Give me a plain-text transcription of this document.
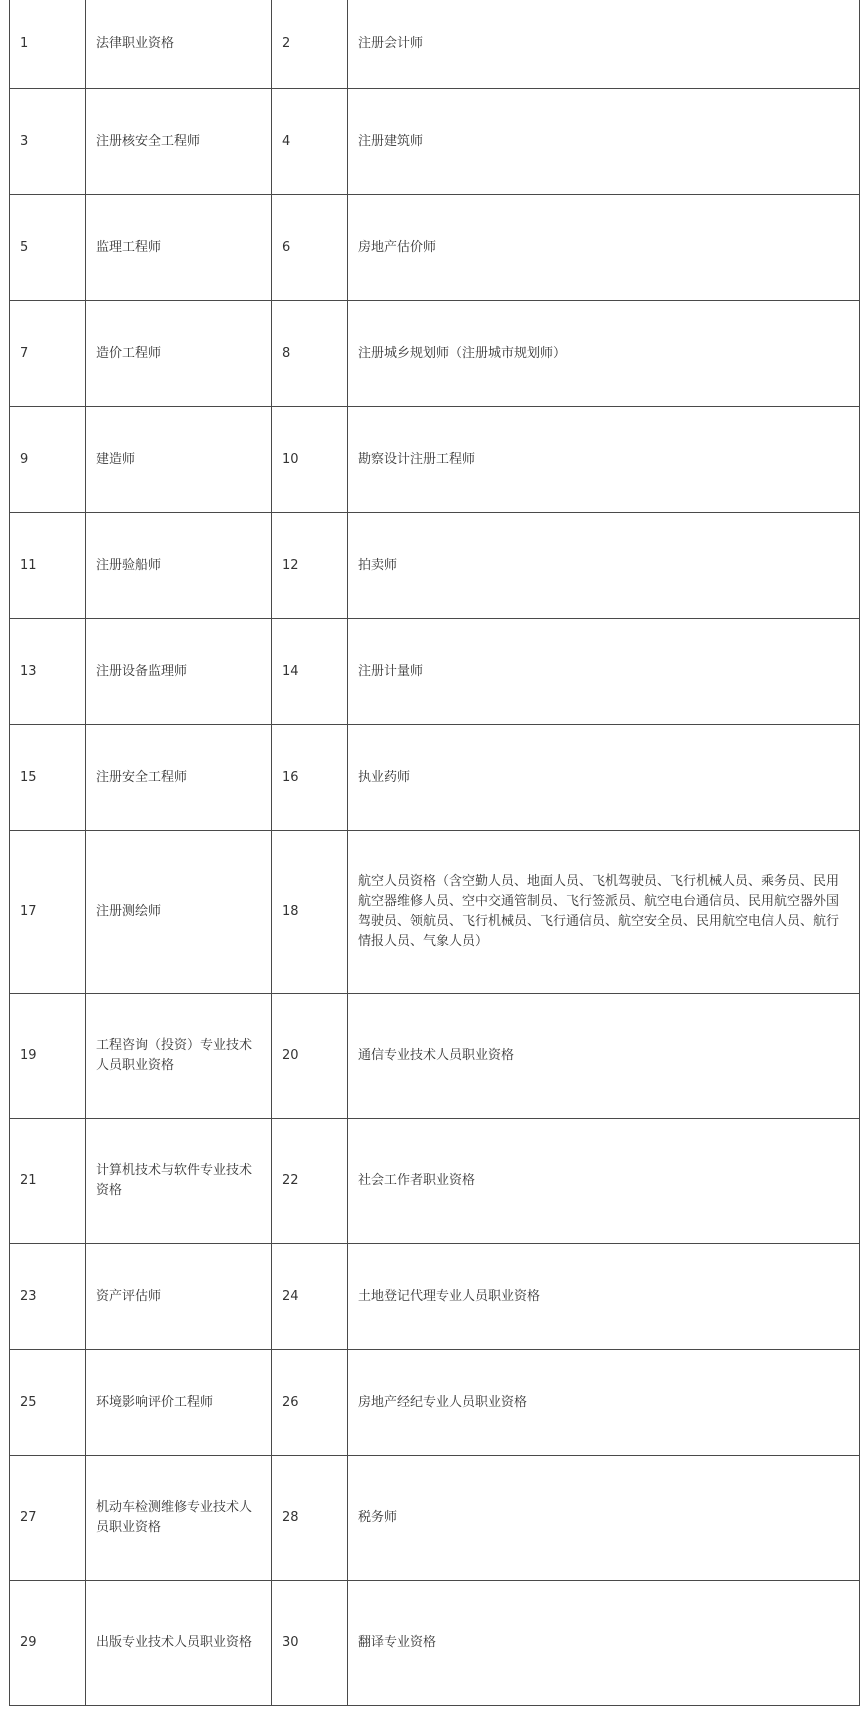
1	法律职业资格	2	注册会计师
3	注册核安全工程师	4	注册建筑师
5	监理工程师	6	房地产估价师
7	造价工程师	8	注册城乡规划师（注册城市规划师）
9	建造师	10	勘察设计注册工程师
11	注册验船师	12	拍卖师
13	注册设备监理师	14	注册计量师
15	注册安全工程师	16	执业药师
17	注册测绘师	18	航空人员资格（含空勤人员、地面人员、飞机驾驶员、飞行机械人员、乘务员、民用航空器维修人员、空中交通管制员、飞行签派员、航空电台通信员、民用航空器外国驾驶员、领航员、飞行机械员、飞行通信员、航空安全员、民用航空电信人员、航行情报人员、气象人员）
19	工程咨询（投资）专业技术人员职业资格	20	通信专业技术人员职业资格
21	计算机技术与软件专业技术资格	22	社会工作者职业资格
23	资产评估师	24	土地登记代理专业人员职业资格
25	环境影响评价工程师	26	房地产经纪专业人员职业资格
27	机动车检测维修专业技术人员职业资格	28	税务师
29	出版专业技术人员职业资格	30	翻译专业资格
